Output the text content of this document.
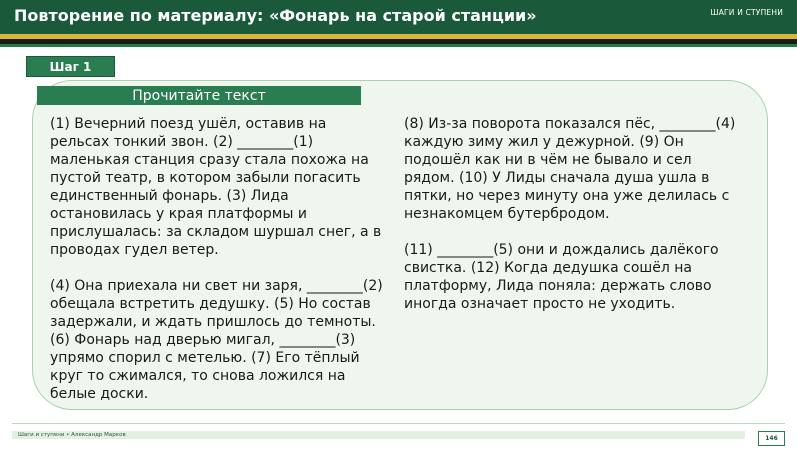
Повторение по материалу: «Фонарь на старой станции»	ШАГИ И СТУПЕНИ
Шаг 1
Прочитайте текст

(1) Вечерний поезд ушёл, оставив на рельсах тонкий звон. (2) ________(1) маленькая станция сразу стала похожа на пустой театр, в котором забыли погасить единственный фонарь. (3) Лида остановилась у края платформы и прислушалась: за складом шуршал снег, а в проводах гудел ветер.

(4) Она приехала ни свет ни заря, ________(2) обещала встретить дедушку. (5) Но состав задержали, и ждать пришлось до темноты. (6) Фонарь над дверью мигал, ________(3) упрямо спорил с метелью. (7) Его тёплый круг то сжимался, то снова ложился на белые доски.

(8) Из-за поворота показался пёс, ________(4) каждую зиму жил у дежурной. (9) Он подошёл как ни в чём не бывало и сел рядом. (10) У Лиды сначала душа ушла в пятки, но через минуту она уже делилась с незнакомцем бутербродом.

(11) ________(5) они и дождались далёкого свистка. (12) Когда дедушка сошёл на платформу, Лида поняла: держать слово иногда означает просто не уходить.

Шаги и ступени • Александр Марков	146
